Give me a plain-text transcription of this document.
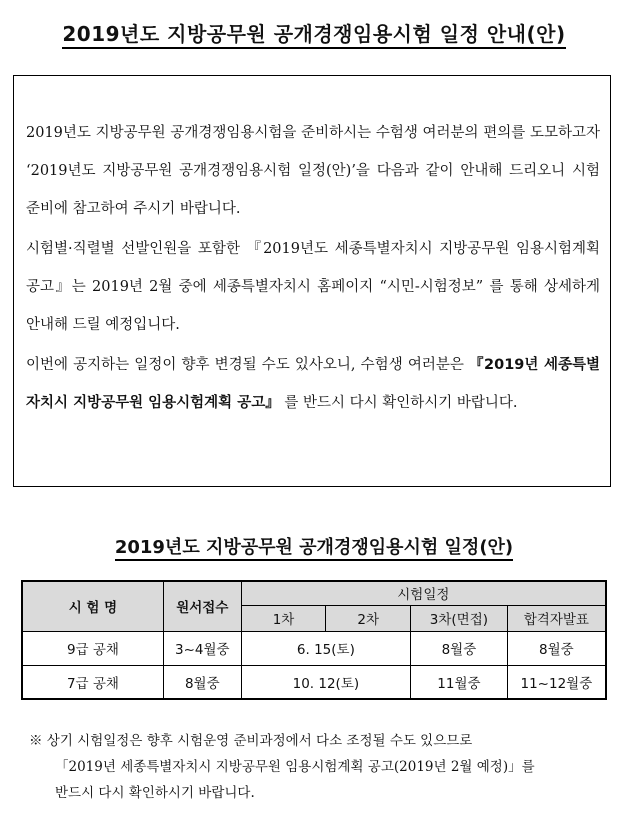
2019년도 지방공무원 공개경쟁임용시험 일정 안내(안)

2019년도 지방공무원 공개경쟁임용시험을 준비하시는 수험생 여러분의 편의를 도모하고자 ‘2019년도 지방공무원 공개경쟁임용시험 일정(안)’을 다음과 같이 안내해 드리오니 시험 준비에 참고하여 주시기 바랍니다.

시험별·직렬별 선발인원을 포함한 『2019년도 세종특별자치시 지방공무원 임용시험계획 공고』는 2019년 2월 중에 세종특별자치시 홈페이지 “시민-시험정보” 를 통해 상세하게 안내해 드릴 예정입니다.

이번에 공지하는 일정이 향후 변경될 수도 있사오니, 수험생 여러분은 『2019년 세종특별자치시 지방공무원 임용시험계획 공고』 를 반드시 다시 확인하시기 바랍니다.

2019년도 지방공무원 공개경쟁임용시험 일정(안)
시 험 명	원서접수	시험일정			
		1차	2차	3차(면접)	합격자발표
9급 공채	3~4월중	6. 15(토)		8월중	8월중
7급 공채	8월중	10. 12(토)		11월중	11~12월중
※ 상기 시험일정은 향후 시험운영 준비과정에서 다소 조정될 수도 있으므로
「2019년 세종특별자치시 지방공무원 임용시험계획 공고(2019년 2월 예정)」를
반드시 다시 확인하시기 바랍니다.
